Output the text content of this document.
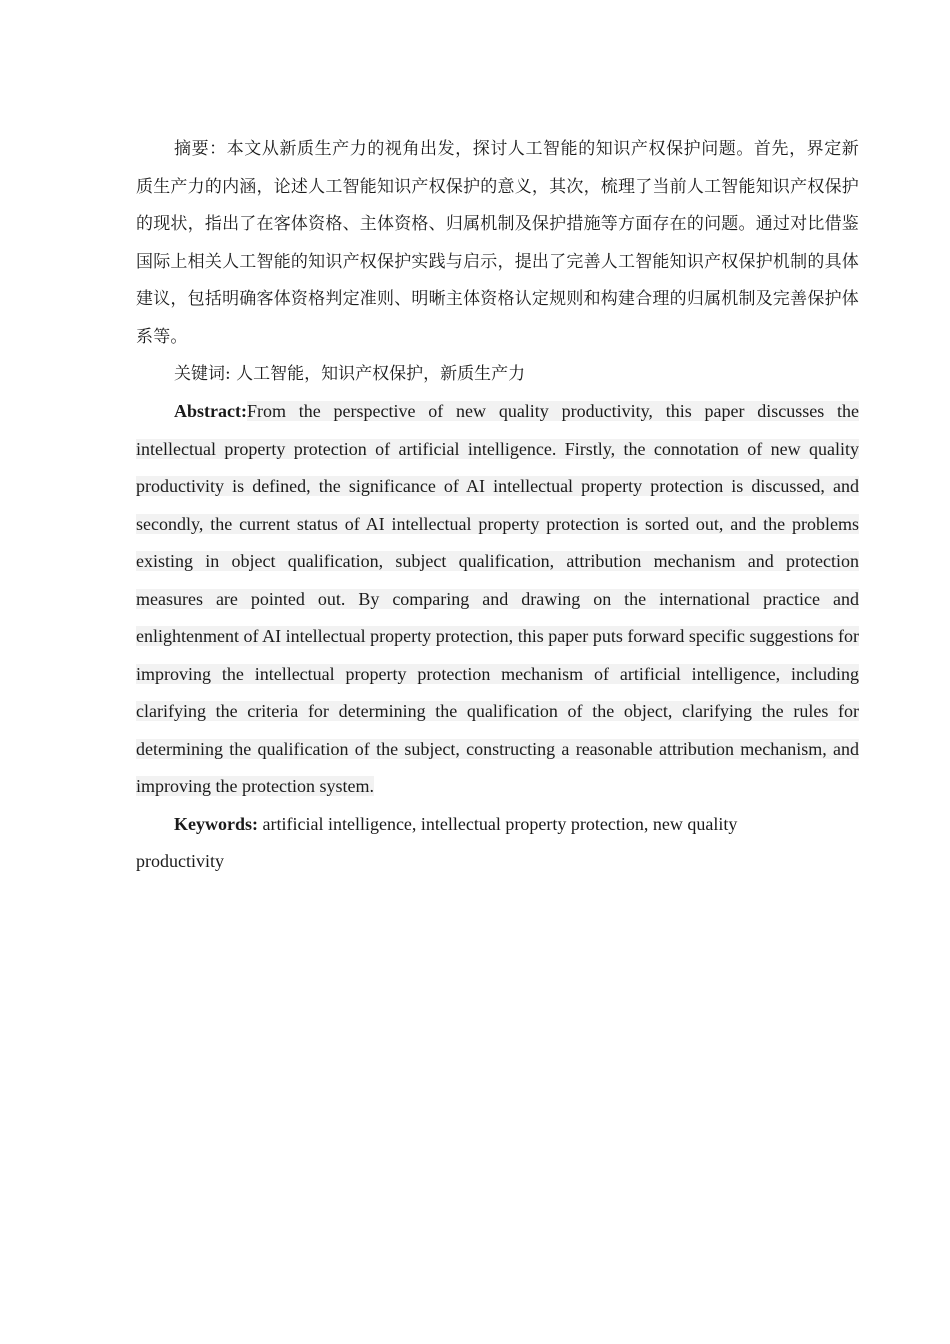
摘要：本文从新质生产力的视角出发，探讨人工智能的知识产权保护问题。首先，界定新质生产力的内涵，论述人工智能知识产权保护的意义，其次，梳理了当前人工智能知识产权保护的现状，指出了在客体资格、主体资格、归属机制及保护措施等方面存在的问题。通过对比借鉴国际上相关人工智能的知识产权保护实践与启示，提出了完善人工智能知识产权保护机制的具体建议，包括明确客体资格判定准则、明晰主体资格认定规则和构建合理的归属机制及完善保护体系等。

关键词: 人工智能，知识产权保护，新质生产力

Abstract:From the perspective of new quality productivity, this paper discusses the intellectual property protection of artificial intelligence. Firstly, the connotation of new quality productivity is defined, the significance of AI intellectual property protection is discussed, and secondly, the current status of AI intellectual property protection is sorted out, and the problems existing in object qualification, subject qualification, attribution mechanism and protection measures are pointed out. By comparing and drawing on the international practice and enlightenment of AI intellectual property protection, this paper puts forward specific suggestions for improving the intellectual property protection mechanism of artificial intelligence, including clarifying the criteria for determining the qualification of the object, clarifying the rules for determining the qualification of the subject, constructing a reasonable attribution mechanism, and improving the protection system.

Keywords: artificial intelligence, intellectual property protection, new quality productivity
